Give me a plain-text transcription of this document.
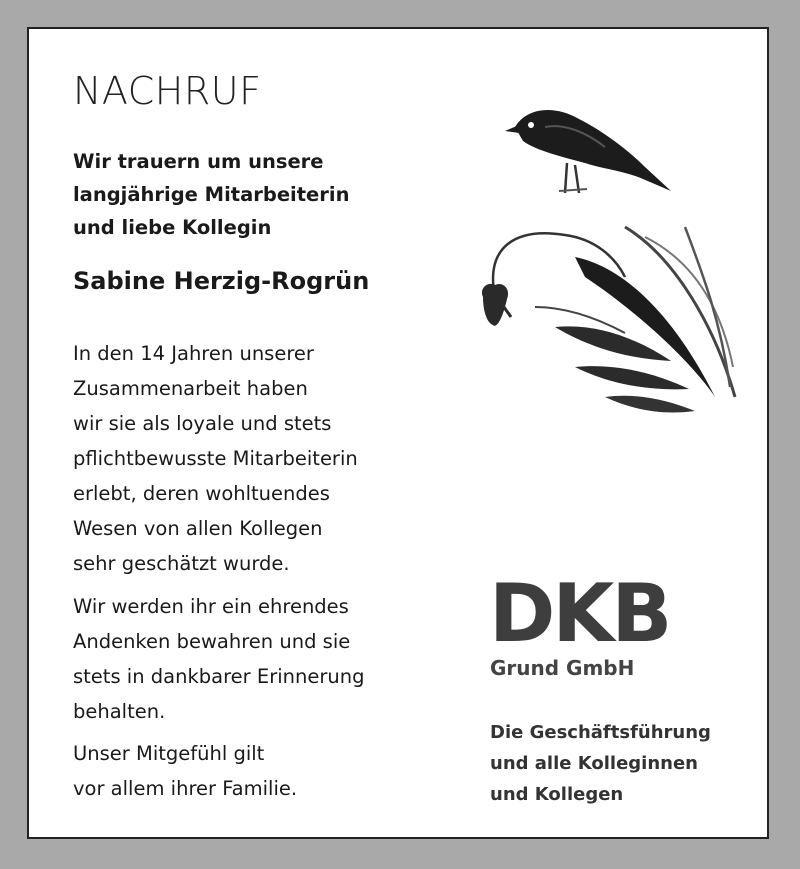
NACHRUF
Wir trauern um unsere
langjährige Mitarbeiterin
und liebe Kollegin
Sabine Herzig-Rogrün
In den 14 Jahren unserer
Zusammenarbeit haben
wir sie als loyale und stets
pflichtbewusste Mitarbeiterin
erlebt, deren wohltuendes
Wesen von allen Kollegen
sehr geschätzt wurde.
Wir werden ihr ein ehrendes
Andenken bewahren und sie
stets in dankbarer Erinnerung
behalten.
Unser Mitgefühl gilt
vor allem ihrer Familie.
DKB
Grund GmbH
Die Geschäftsführung
und alle Kolleginnen
und Kollegen
